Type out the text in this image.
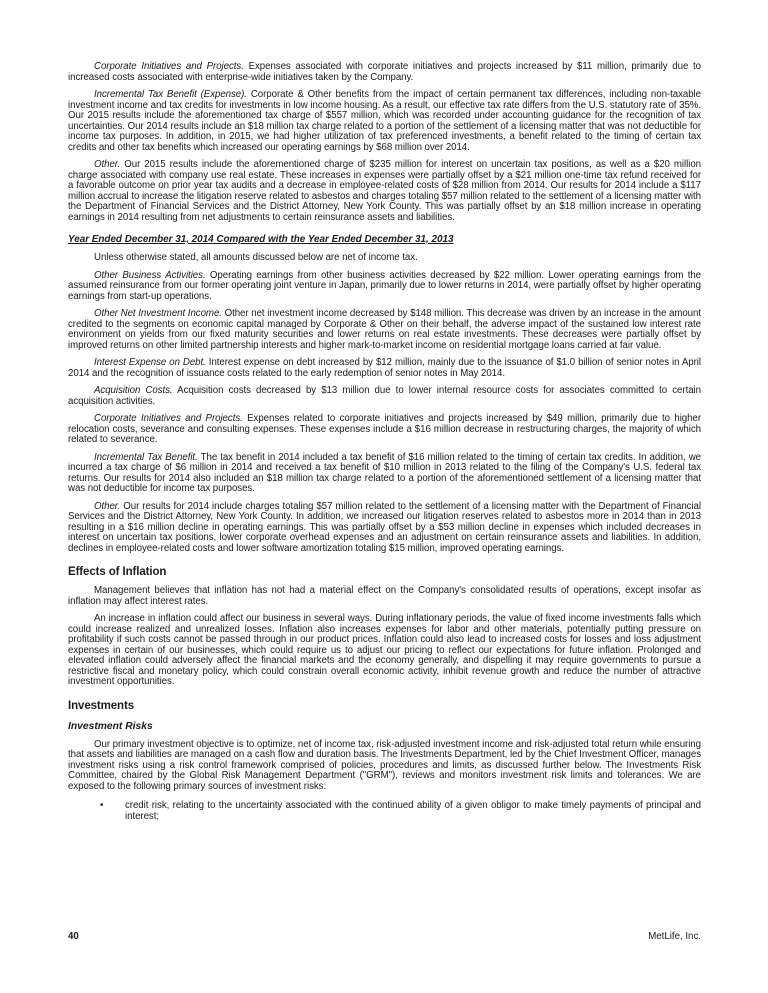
Corporate Initiatives and Projects. Expenses associated with corporate initiatives and projects increased by $11 million, primarily due to increased costs associated with enterprise-wide initiatives taken by the Company.

Incremental Tax Benefit (Expense). Corporate & Other benefits from the impact of certain permanent tax differences, including non-taxable investment income and tax credits for investments in low income housing. As a result, our effective tax rate differs from the U.S. statutory rate of 35%. Our 2015 results include the aforementioned tax charge of $557 million, which was recorded under accounting guidance for the recognition of tax uncertainties. Our 2014 results include an $18 million tax charge related to a portion of the settlement of a licensing matter that was not deductible for income tax purposes. In addition, in 2015, we had higher utilization of tax preferenced investments, a benefit related to the timing of certain tax credits and other tax benefits which increased our operating earnings by $68 million over 2014.

Other. Our 2015 results include the aforementioned charge of $235 million for interest on uncertain tax positions, as well as a $20 million charge associated with company use real estate. These increases in expenses were partially offset by a $21 million one-time tax refund received for a favorable outcome on prior year tax audits and a decrease in employee-related costs of $28 million from 2014. Our results for 2014 include a $117 million accrual to increase the litigation reserve related to asbestos and charges totaling $57 million related to the settlement of a licensing matter with the Department of Financial Services and the District Attorney, New York County. This was partially offset by an $18 million increase in operating earnings in 2014 resulting from net adjustments to certain reinsurance assets and liabilities.

Year Ended December 31, 2014 Compared with the Year Ended December 31, 2013

Unless otherwise stated, all amounts discussed below are net of income tax.

Other Business Activities. Operating earnings from other business activities decreased by $22 million. Lower operating earnings from the assumed reinsurance from our former operating joint venture in Japan, primarily due to lower returns in 2014, were partially offset by higher operating earnings from start-up operations.

Other Net Investment Income. Other net investment income decreased by $148 million. This decrease was driven by an increase in the amount credited to the segments on economic capital managed by Corporate & Other on their behalf, the adverse impact of the sustained low interest rate environment on yields from our fixed maturity securities and lower returns on real estate investments. These decreases were partially offset by improved returns on other limited partnership interests and higher mark-to-market income on residential mortgage loans carried at fair value.

Interest Expense on Debt. Interest expense on debt increased by $12 million, mainly due to the issuance of $1.0 billion of senior notes in April 2014 and the recognition of issuance costs related to the early redemption of senior notes in May 2014.

Acquisition Costs. Acquisition costs decreased by $13 million due to lower internal resource costs for associates committed to certain acquisition activities.

Corporate Initiatives and Projects. Expenses related to corporate initiatives and projects increased by $49 million, primarily due to higher relocation costs, severance and consulting expenses. These expenses include a $16 million decrease in restructuring charges, the majority of which related to severance.

Incremental Tax Benefit. The tax benefit in 2014 included a tax benefit of $16 million related to the timing of certain tax credits. In addition, we incurred a tax charge of $6 million in 2014 and received a tax benefit of $10 million in 2013 related to the filing of the Company's U.S. federal tax returns. Our results for 2014 also included an $18 million tax charge related to a portion of the aforementioned settlement of a licensing matter that was not deductible for income tax purposes.

Other. Our results for 2014 include charges totaling $57 million related to the settlement of a licensing matter with the Department of Financial Services and the District Attorney, New York County. In addition, we increased our litigation reserves related to asbestos more in 2014 than in 2013 resulting in a $16 million decline in operating earnings. This was partially offset by a $53 million decline in expenses which included decreases in interest on uncertain tax positions, lower corporate overhead expenses and an adjustment on certain reinsurance assets and liabilities. In addition, declines in employee-related costs and lower software amortization totaling $15 million, improved operating earnings.

Effects of Inflation

Management believes that inflation has not had a material effect on the Company's consolidated results of operations, except insofar as inflation may affect interest rates.

An increase in inflation could affect our business in several ways. During inflationary periods, the value of fixed income investments falls which could increase realized and unrealized losses. Inflation also increases expenses for labor and other materials, potentially putting pressure on profitability if such costs cannot be passed through in our product prices. Inflation could also lead to increased costs for losses and loss adjustment expenses in certain of our businesses, which could require us to adjust our pricing to reflect our expectations for future inflation. Prolonged and elevated inflation could adversely affect the financial markets and the economy generally, and dispelling it may require governments to pursue a restrictive fiscal and monetary policy, which could constrain overall economic activity, inhibit revenue growth and reduce the number of attractive investment opportunities.

Investments
Investment Risks

Our primary investment objective is to optimize, net of income tax, risk-adjusted investment income and risk-adjusted total return while ensuring that assets and liabilities are managed on a cash flow and duration basis. The Investments Department, led by the Chief Investment Officer, manages investment risks using a risk control framework comprised of policies, procedures and limits, as discussed further below. The Investments Risk Committee, chaired by the Global Risk Management Department ("GRM"), reviews and monitors investment risk limits and tolerances. We are exposed to the following primary sources of investment risks:

•	credit risk, relating to the uncertainty associated with the continued ability of a given obligor to make timely payments of principal and interest;
40	MetLife, Inc.
